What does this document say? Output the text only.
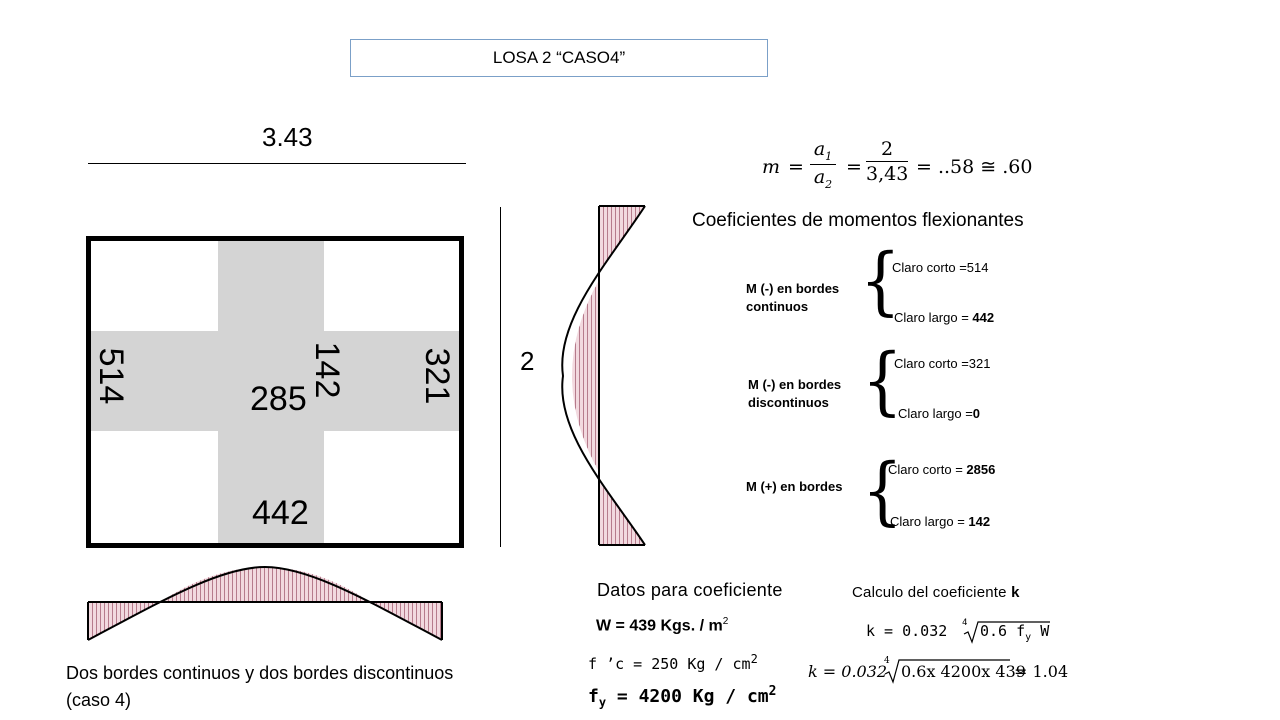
LOSA 2 “CASO4”
3.43
514	142 321
285
442
2
m =
$a_1$
$a_2$
=
2
3,43 = ..58 ≅ .60
Coeficientes de momentos flexionantes
M (-) en bordes
continuos {
Claro corto =514
Claro largo = 442
M (-) en bordes
discontinuos {
Claro corto =321
Claro largo =0
M (+) en bordes {
Claro corto = 2856
Claro largo = 142
Datos para coeficiente
W = 439 Kgs. / $m^2$
f ’c = 250 Kg / $cm^2$
$f_y = 4200$ Kg / $cm^2$
Calculo del coeficiente k
k = 0.032 4 0.6 $f_y$ W
k = 0.032
4
0.6x 4200x 439
= 1.04
Dos bordes continuos y dos bordes discontinuos
(caso 4)
